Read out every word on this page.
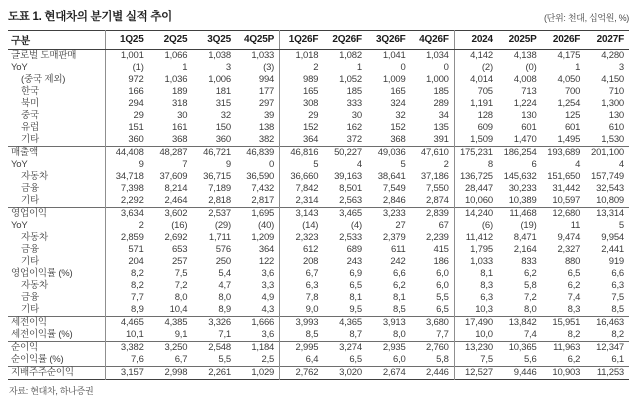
도표 1. 현대차의 분기별 실적 추이	(단위: 천대, 십억원, %)
구분	1Q25	2Q25	3Q25	4Q25P	1Q26F	2Q26F	3Q26F	4Q26F	2024	2025P	2026F	2027F
글로벌 도매판매	1,001	1,066	1,038	1,033	1,018	1,082	1,041	1,034	4,142	4,138	4,175	4,280
YoY	(1)	1	3	(3)	2	1	0	0	(2)	(0)	1	3
(중국 제외)	972	1,036	1,006	994	989	1,052	1,009	1,000	4,014	4,008	4,050	4,150
한국	166	189	181	177	165	185	165	185	705	713	700	710
북미	294	318	315	297	308	333	324	289	1,191	1,224	1,254	1,300
중국	29	30	32	39	29	30	32	34	128	130	125	130
유럽	151	161	150	138	152	162	152	135	609	601	601	610
기타	360	368	360	382	364	372	368	391	1,509	1,470	1,495	1,530
매출액	44,408	48,287	46,721	46,839	46,816	50,227	49,036	47,610	175,231	186,254	193,689	201,100
YoY	9	7	9	0	5	4	5	2	8	6	4	4
자동차	34,718	37,609	36,715	36,590	36,660	39,163	38,641	37,186	136,725	145,632	151,650	157,749
금융	7,398	8,214	7,189	7,432	7,842	8,501	7,549	7,550	28,447	30,233	31,442	32,543
기타	2,292	2,464	2,818	2,817	2,314	2,563	2,846	2,874	10,060	10,389	10,597	10,809
영업이익	3,634	3,602	2,537	1,695	3,143	3,465	3,233	2,839	14,240	11,468	12,680	13,314
YoY	2	(16)	(29)	(40)	(14)	(4)	27	67	(6)	(19)	11	5
자동차	2,859	2,692	1,711	1,209	2,323	2,533	2,379	2,239	11,412	8,471	9,474	9,954
금융	571	653	576	364	612	689	611	415	1,795	2,164	2,327	2,441
기타	204	257	250	122	208	243	242	186	1,033	833	880	919
영업이익률 (%)	8,2	7,5	5,4	3,6	6,7	6,9	6,6	6,0	8,1	6,2	6,5	6,6
자동차	8,2	7,2	4,7	3,3	6,3	6,5	6,2	6,0	8,3	5,8	6,2	6,3
금융	7,7	8,0	8,0	4,9	7,8	8,1	8,1	5,5	6,3	7,2	7,4	7,5
기타	8,9	10,4	8,9	4,3	9,0	9,5	8,5	6,5	10,3	8,0	8,3	8,5
세전이익	4,465	4,385	3,326	1,666	3,993	4,365	3,913	3,680	17,490	13,842	15,951	16,463
세전이익률 (%)	10,1	9,1	7,1	3,6	8,5	8,7	8,0	7,7	10,0	7,4	8,2	8,2
순이익	3,382	3,250	2,548	1,184	2,995	3,274	2,935	2,760	13,230	10,365	11,963	12,347
순이익률 (%)	7,6	6,7	5,5	2,5	6,4	6,5	6,0	5,8	7,5	5,6	6,2	6,1
지배주주순이익	3,157	2,998	2,261	1,029	2,762	3,020	2,674	2,446	12,527	9,446	10,903	11,253
자료: 현대차, 하나증권
